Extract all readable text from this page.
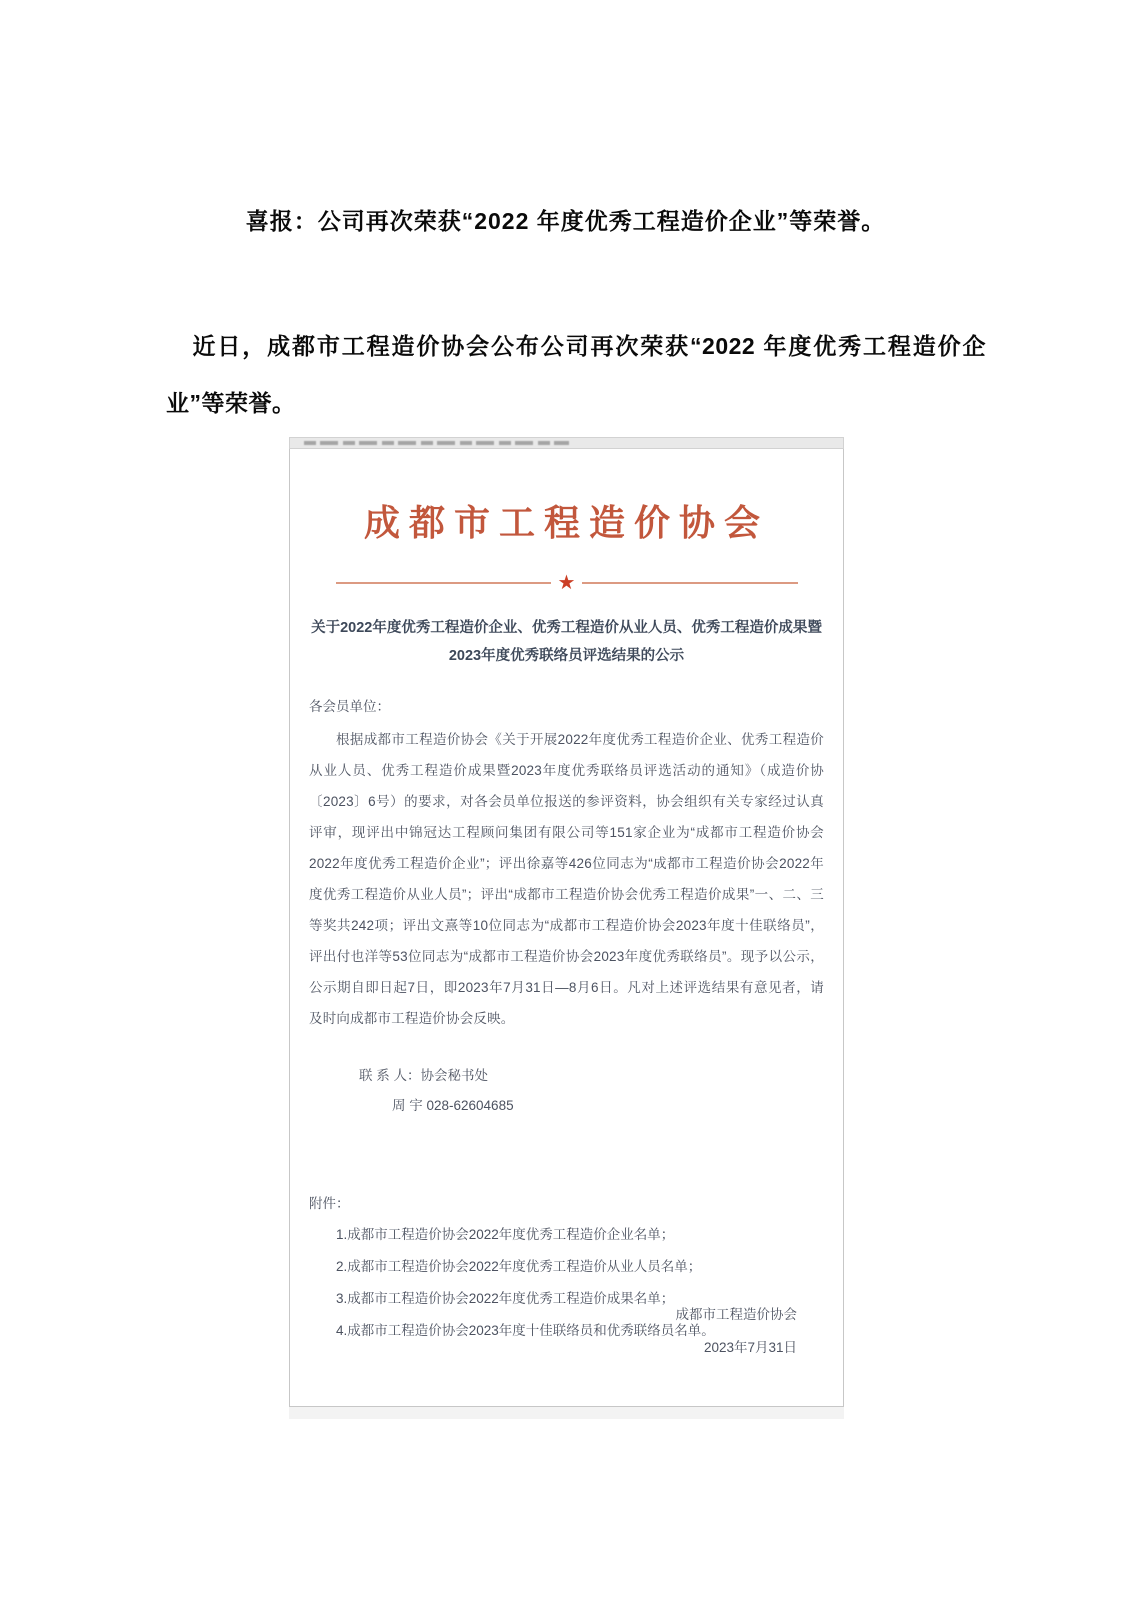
喜报：公司再次荣获“2022 年度优秀工程造价企业”等荣誉。

近日，成都市工程造价协会公布公司再次荣获“2022 年度优秀工程造价企业”等荣誉。

成都市工程造价协会
★
关于2022年度优秀工程造价企业、优秀工程造价从业人员、优秀工程造价成果暨
2023年度优秀联络员评选结果的公示

各会员单位：

根据成都市工程造价协会《关于开展2022年度优秀工程造价企业、优秀工程造价从业人员、优秀工程造价成果暨2023年度优秀联络员评选活动的通知》（成造价协〔2023〕6号）的要求，对各会员单位报送的参评资料，协会组织有关专家经过认真评审，现评出中锦冠达工程顾问集团有限公司等151家企业为“成都市工程造价协会2022年度优秀工程造价企业”；评出徐嘉等426位同志为“成都市工程造价协会2022年度优秀工程造价从业人员”；评出“成都市工程造价协会优秀工程造价成果”一、二、三等奖共242项；评出文熹等10位同志为“成都市工程造价协会2023年度十佳联络员”，评出付也洋等53位同志为“成都市工程造价协会2023年度优秀联络员”。现予以公示，公示期自即日起7日，即2023年7月31日—8月6日。凡对上述评选结果有意见者，请及时向成都市工程造价协会反映。

联 系 人：协会秘书处

周 宇 028-62604685

附件：

1.成都市工程造价协会2022年度优秀工程造价企业名单；

2.成都市工程造价协会2022年度优秀工程造价从业人员名单；

3.成都市工程造价协会2022年度优秀工程造价成果名单；

4.成都市工程造价协会2023年度十佳联络员和优秀联络员名单。

成都市工程造价协会

2023年7月31日
